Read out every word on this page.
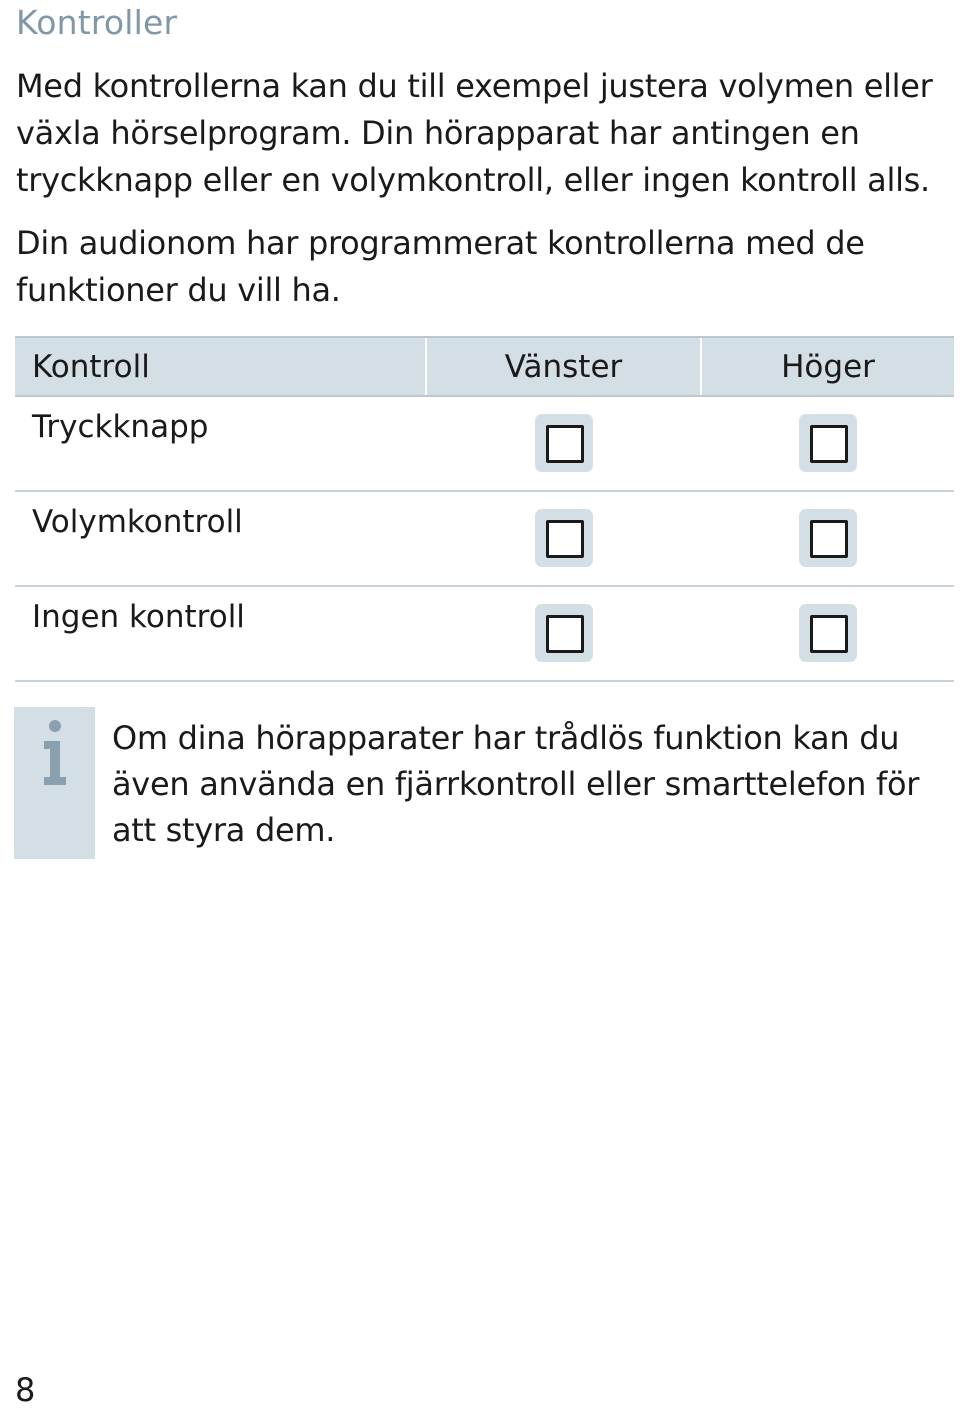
Kontroller
Med kontrollerna kan du till exempel justera volymen eller växla hörselprogram. Din hörapparat har antingen en tryckknapp eller en volymkontroll, eller ingen kontroll alls.
Din audionom har programmerat kontrollerna med de funktioner du vill ha.
Kontroll	Vänster	Höger
Tryckknapp		
Volymkontroll		
Ingen kontroll		
Om dina hörapparater har trådlös funktion kan du även använda en fjärrkontroll eller smarttelefon för att styra dem.
8
